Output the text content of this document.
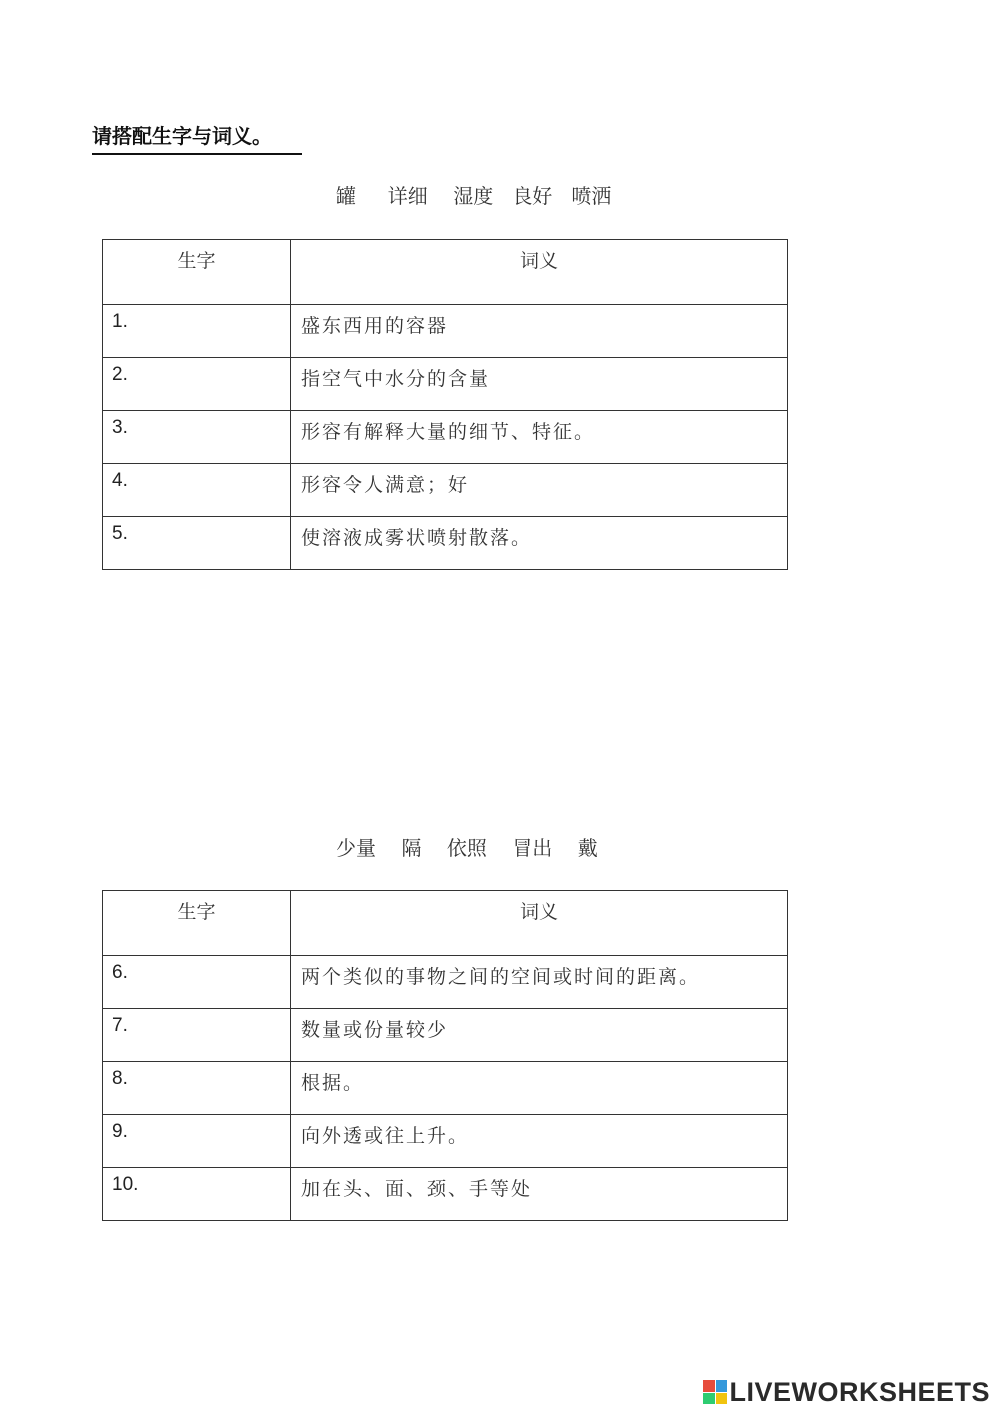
请搭配生字与词义。
罐 详细 湿度 良好 喷洒
生字	词义
1.	盛东西用的容器
2.	指空气中水分的含量
3.	形容有解释大量的细节、特征。
4.	形容令人满意；好
5.	使溶液成雾状喷射散落。
少量 隔 依照 冒出 戴
生字	词义
6.	两个类似的事物之间的空间或时间的距离。
7.	数量或份量较少
8.	根据。
9.	向外透或往上升。
10.	加在头、面、颈、手等处
LIVEWORKSHEETS
